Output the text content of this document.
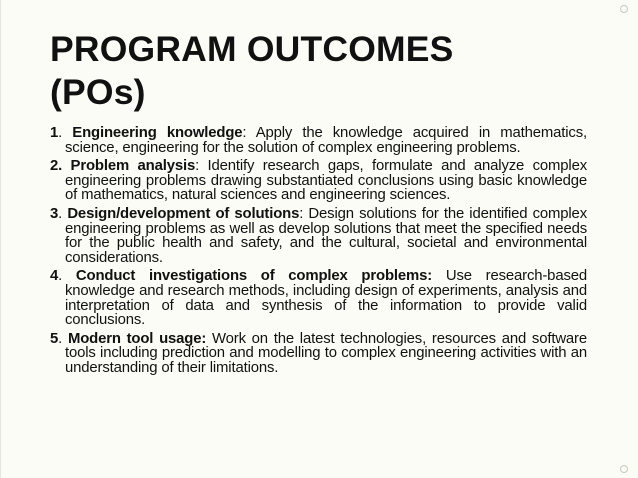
PROGRAM OUTCOMES
(POs)
1. Engineering knowledge: Apply the knowledge acquired in mathematics, science, engineering for the solution of complex engineering problems.
2. Problem analysis: Identify research gaps, formulate and analyze complex engineering problems drawing substantiated conclusions using basic knowledge of mathematics, natural sciences and engineering sciences.
3. Design/development of solutions: Design solutions for the identified complex engineering problems as well as develop solutions that meet the specified needs for the public health and safety, and the cultural, societal and environmental considerations.
4. Conduct investigations of complex problems: Use research-based knowledge and research methods, including design of experiments, analysis and interpretation of data and synthesis of the information to provide valid conclusions.
5. Modern tool usage: Work on the latest technologies, resources and software tools including prediction and modelling to complex engineering activities with an understanding of their limitations.
